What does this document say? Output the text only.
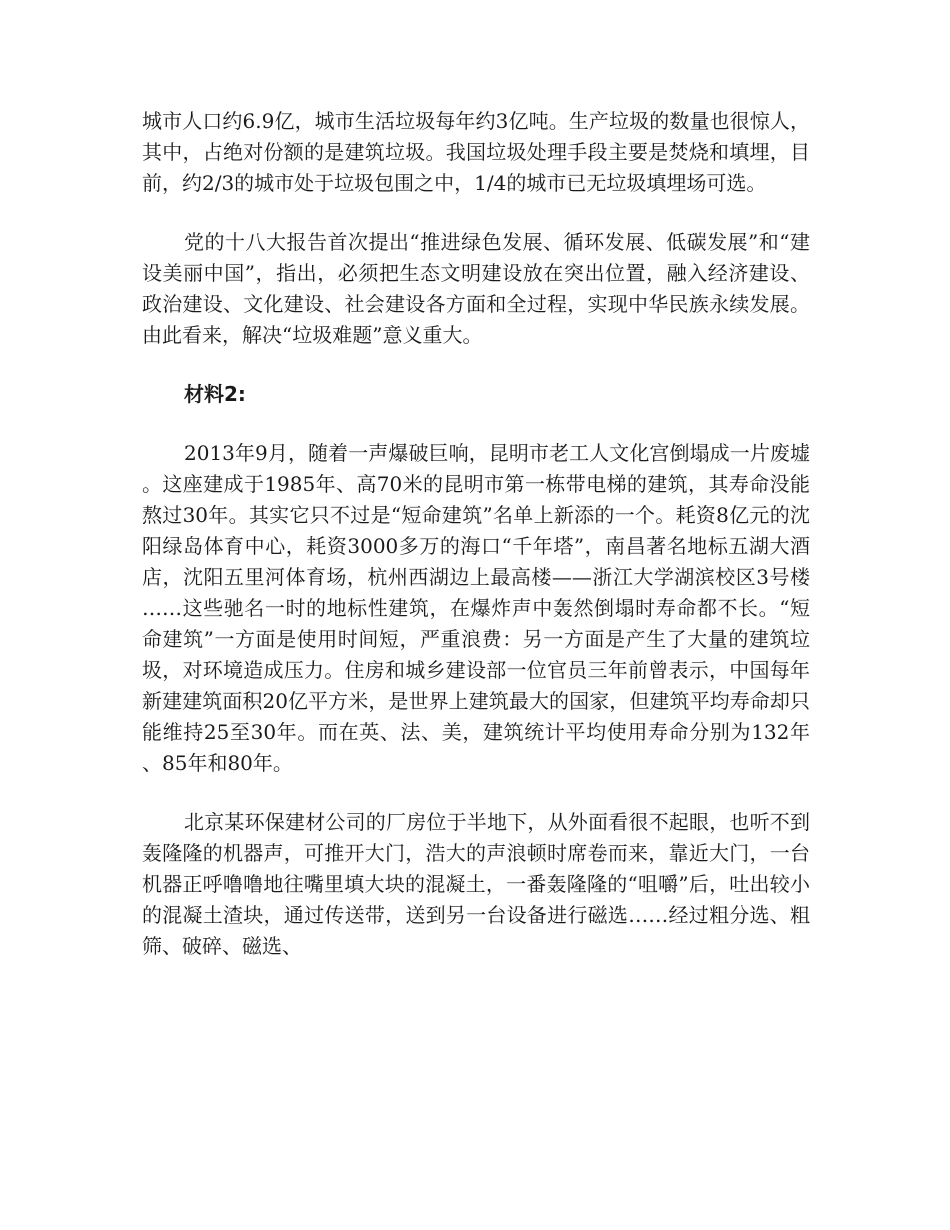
城市人口约6.9亿，城市生活垃圾每年约3亿吨。生产垃圾的数量也很惊人，其中，占绝对份额的是建筑垃圾。我国垃圾处理手段主要是焚烧和填埋，目前，约2/3的城市处于垃圾包围之中，1/4的城市已无垃圾填埋场可选。

党的十八大报告首次提出“推进绿色发展、循环发展、低碳发展”和“建设美丽中国”，指出，必须把生态文明建设放在突出位置，融入经济建设、政治建设、文化建设、社会建设各方面和全过程，实现中华民族永续发展。由此看来，解决“垃圾难题”意义重大。

材料2:

2013年9月，随着一声爆破巨响，昆明市老工人文化宫倒塌成一片废墟。这座建成于1985年、高70米的昆明市第一栋带电梯的建筑，其寿命没能熬过30年。其实它只不过是“短命建筑”名单上新添的一个。耗资8亿元的沈阳绿岛体育中心，耗资3000多万的海口“千年塔”，南昌著名地标五湖大酒店，沈阳五里河体育场，杭州西湖边上最高楼——浙江大学湖滨校区3号楼……这些驰名一时的地标性建筑，在爆炸声中轰然倒塌时寿命都不长。“短命建筑”一方面是使用时间短，严重浪费：另一方面是产生了大量的建筑垃圾，对环境造成压力。住房和城乡建设部一位官员三年前曾表示，中国每年新建建筑面积20亿平方米，是世界上建筑最大的国家，但建筑平均寿命却只能维持25至30年。而在英、法、美，建筑统计平均使用寿命分别为132年、85年和80年。

北京某环保建材公司的厂房位于半地下，从外面看很不起眼，也听不到轰隆隆的机器声，可推开大门，浩大的声浪顿时席卷而来，靠近大门，一台机器正呼噜噜地往嘴里填大块的混凝土，一番轰隆隆的“咀嚼”后，吐出较小的混凝土渣块，通过传送带，送到另一台设备进行磁选……经过粗分选、粗筛、破碎、磁选、
